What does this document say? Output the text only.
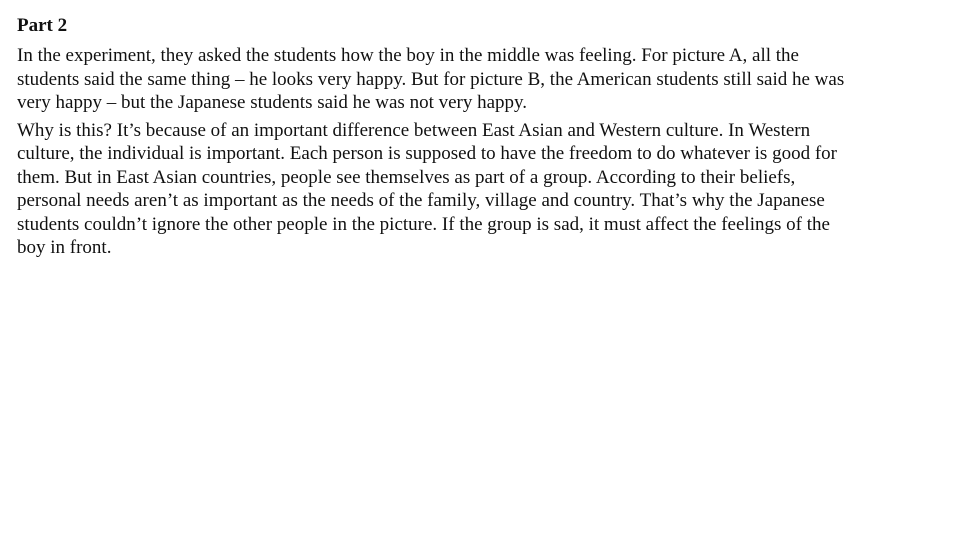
Part 2

In the experiment, they asked the students how the boy in the middle was feeling. For picture A, all the
students said the same thing – he looks very happy. But for picture B, the American students still said he was
very happy – but the Japanese students said he was not very happy.

Why is this? It’s because of an important difference between East Asian and Western culture. In Western
culture, the individual is important. Each person is supposed to have the freedom to do whatever is good for
them. But in East Asian countries, people see themselves as part of a group. According to their beliefs,
personal needs aren’t as important as the needs of the family, village and country. That’s why the Japanese
students couldn’t ignore the other people in the picture. If the group is sad, it must affect the feelings of the
boy in front.
